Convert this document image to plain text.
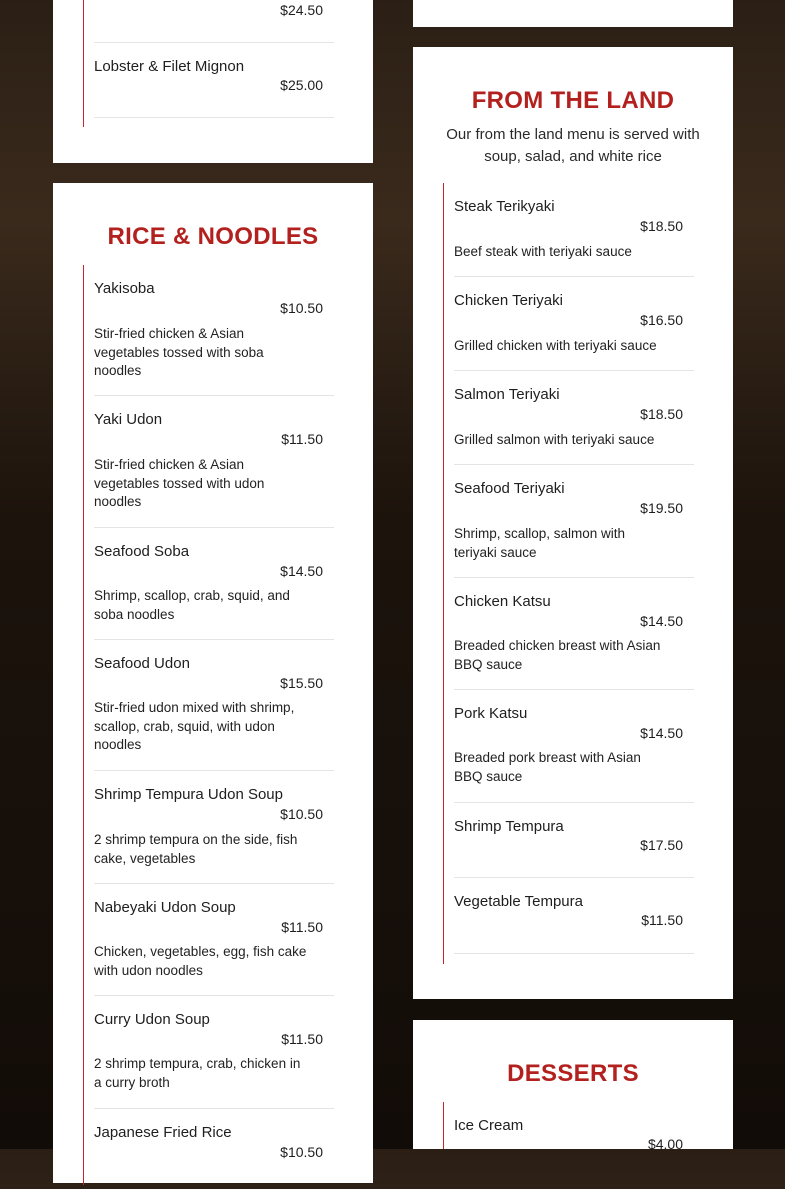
$24.50
Lobster & Filet Mignon
$25.00
RICE & NOODLES
Yakisoba
$10.50
Stir-fried chicken & Asian vegetables tossed with soba noodles
Yaki Udon
$11.50
Stir-fried chicken & Asian vegetables tossed with udon noodles
Seafood Soba
$14.50
Shrimp, scallop, crab, squid, and soba noodles
Seafood Udon
$15.50
Stir-fried udon mixed with shrimp, scallop, crab, squid, with udon noodles
Shrimp Tempura Udon Soup
$10.50
2 shrimp tempura on the side, fish cake, vegetables
Nabeyaki Udon Soup
$11.50
Chicken, vegetables, egg, fish cake with udon noodles
Curry Udon Soup
$11.50
2 shrimp tempura, crab, chicken in a curry broth
Japanese Fried Rice
$10.50
FROM THE LAND
Our from the land menu is served with soup, salad, and white rice
Steak Terikyaki
$18.50
Beef steak with teriyaki sauce
Chicken Teriyaki
$16.50
Grilled chicken with teriyaki sauce
Salmon Teriyaki
$18.50
Grilled salmon with teriyaki sauce
Seafood Teriyaki
$19.50
Shrimp, scallop, salmon with teriyaki sauce
Chicken Katsu
$14.50
Breaded chicken breast with Asian BBQ sauce
Pork Katsu
$14.50
Breaded pork breast with Asian BBQ sauce
Shrimp Tempura
$17.50
Vegetable Tempura
$11.50
DESSERTS
Ice Cream
$4.00
